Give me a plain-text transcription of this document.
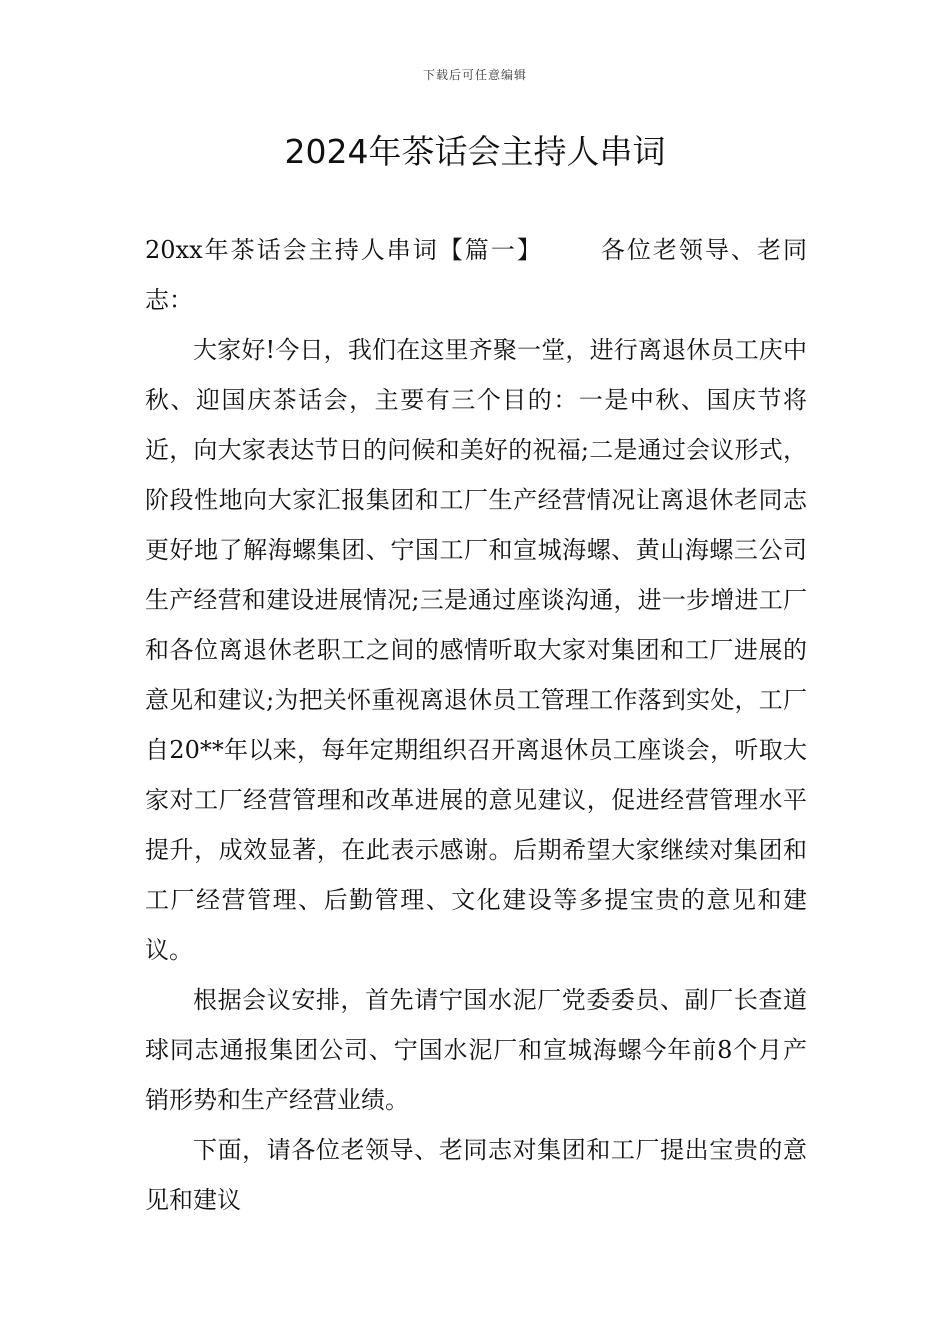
下载后可任意编辑
2024年茶话会主持人串词

20xx年茶话会主持人串词【篇一】 各位老领导、老同志：

大家好!今日，我们在这里齐聚一堂，进行离退休员工庆中秋、迎国庆茶话会，主要有三个目的：一是中秋、国庆节将近，向大家表达节日的问候和美好的祝福;二是通过会议形式，阶段性地向大家汇报集团和工厂生产经营情况让离退休老同志更好地了解海螺集团、宁国工厂和宣城海螺、黄山海螺三公司生产经营和建设进展情况;三是通过座谈沟通，进一步增进工厂和各位离退休老职工之间的感情听取大家对集团和工厂进展的意见和建议;为把关怀重视离退休员工管理工作落到实处，工厂自20**年以来，每年定期组织召开离退休员工座谈会，听取大家对工厂经营管理和改革进展的意见建议，促进经营管理水平提升，成效显著，在此表示感谢。后期希望大家继续对集团和工厂经营管理、后勤管理、文化建设等多提宝贵的意见和建议。

根据会议安排，首先请宁国水泥厂党委委员、副厂长查道球同志通报集团公司、宁国水泥厂和宣城海螺今年前8个月产销形势和生产经营业绩。

下面，请各位老领导、老同志对集团和工厂提出宝贵的意见和建议
